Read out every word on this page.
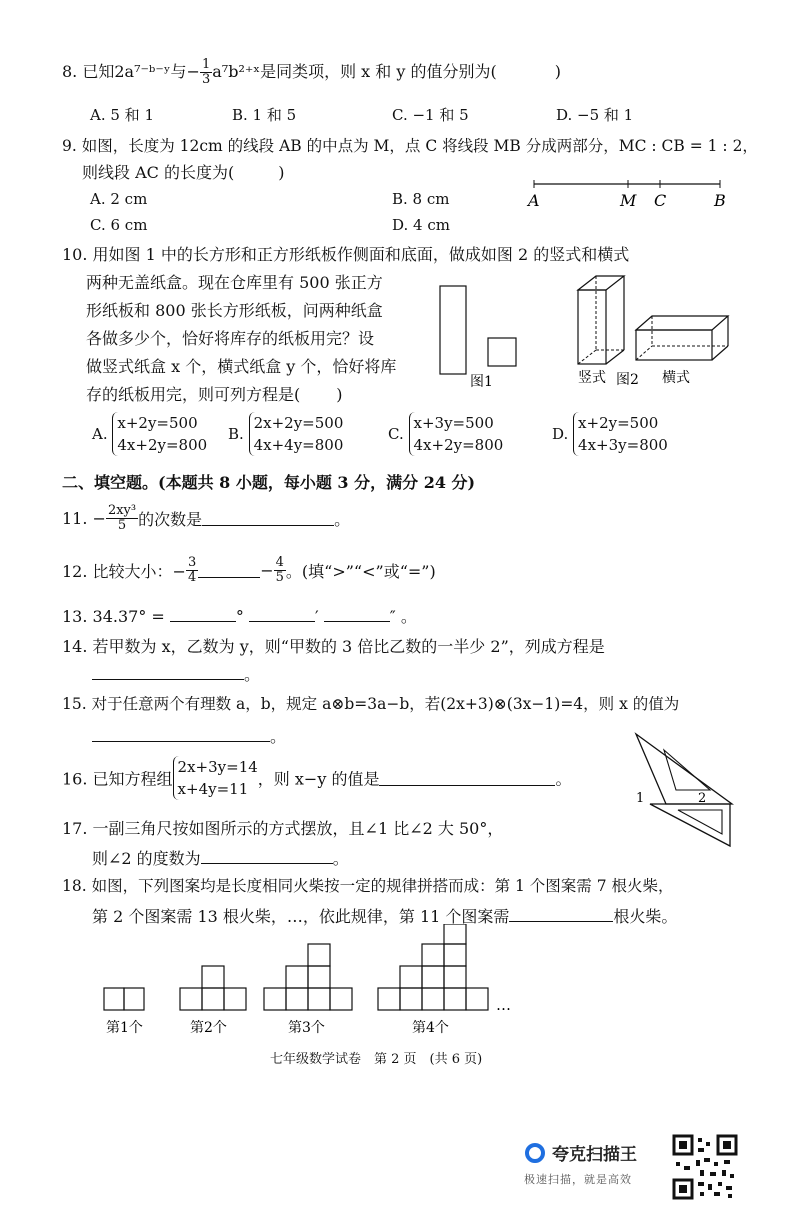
8. 已知2a⁷⁻ᵇ⁻ʸ与− $\frac{1}{3}$ a⁷b²⁺ˣ是同类项，则 x 和 y 的值分别为(	)
A. 5 和 1	B. 1 和 5	C. −1 和 5	D. −5 和 1
9. 如图，长度为 12cm 的线段 AB 的中点为 M，点 C 将线段 MB 分成两部分，MC : CB = 1 : 2，
则线段 AC 的长度为(	)
A. 2 cm	B. 8 cm
C. 6 cm	D. 4 cm
A	M C	B
10. 用如图 1 中的长方形和正方形纸板作侧面和底面，做成如图 2 的竖式和横式
两种无盖纸盒。现在仓库里有 500 张正方
形纸板和 800 张长方形纸板，问两种纸盒
各做多少个，恰好将库存的纸板用完？设
做竖式纸盒 x 个，横式纸盒 y 个，恰好将库
存的纸板用完，则可列方程是( )
图1	竖式 图2 横式
A.
x+2y=500
4x+2y=800
B.
2x+2y=500
4x+4y=800
C.
x+3y=500
4x+2y=800
D.
x+2y=500
4x+3y=800
二、填空题。(本题共 8 小题，每小题 3 分，满分 24 分)
11. − $\frac{\text{2xy³}}{5}$ 的次数是	。
12. 比较大小：− $\frac{3}{4}$	− $\frac{4}{5}$ 。(填“>”“<”或“=”)
13. 34.37° =	°	′	″ 。
14. 若甲数为 x，乙数为 y，则“甲数的 3 倍比乙数的一半少 2”，列成方程是
。
15. 对于任意两个有理数 a，b，规定 a⊗b=3a−b，若(2x+3)⊗(3x−1)=4，则 x 的值为
。
16. 已知方程组
2x+3y=14
x+4y=11
，则 x−y 的值是	。
1	2
17. 一副三角尺按如图所示的方式摆放，且∠1 比∠2 大 50°，
则∠2 的度数为	。
18. 如图，下列图案均是长度相同火柴按一定的规律拼搭而成：第 1 个图案需 7 根火柴，
第 2 个图案需 13 根火柴，…，依此规律，第 11 个图案需	根火柴。
…
第1个	第2个	第3个	第4个
七年级数学试卷　第 2 页　(共 6 页)
夸克扫描王
极速扫描，就是高效
